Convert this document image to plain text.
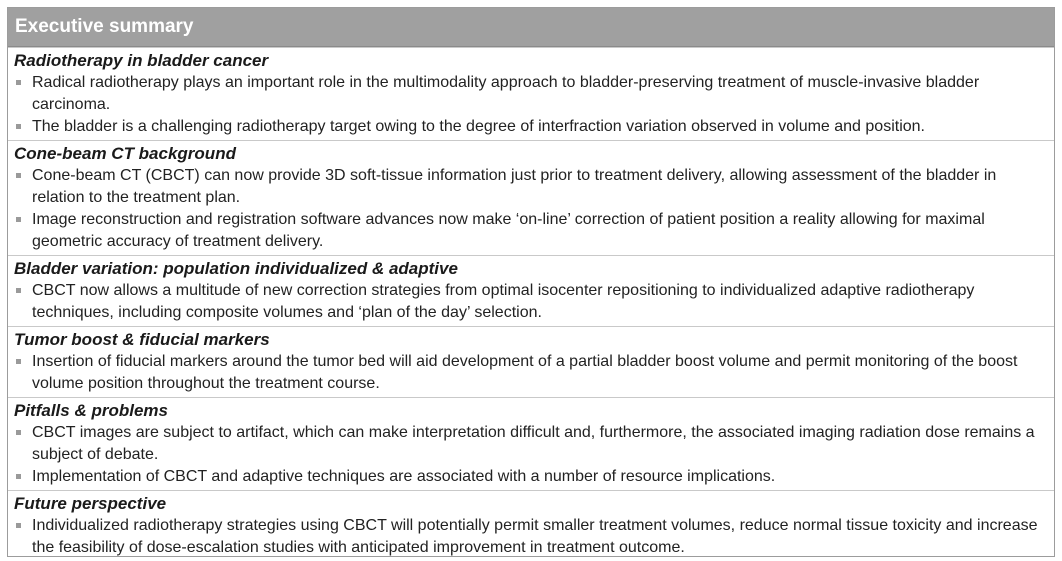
Executive summary
Radiotherapy in bladder cancer
Radical radiotherapy plays an important role in the multimodality approach to bladder-preserving treatment of muscle-invasive bladder carcinoma.
The bladder is a challenging radiotherapy target owing to the degree of interfraction variation observed in volume and position.
Cone-beam CT background
Cone-beam CT (CBCT) can now provide 3D soft-tissue information just prior to treatment delivery, allowing assessment of the bladder in relation to the treatment plan.
Image reconstruction and registration software advances now make ‘on-line’ correction of patient position a reality allowing for maximal geometric accuracy of treatment delivery.
Bladder variation: population individualized & adaptive
CBCT now allows a multitude of new correction strategies from optimal isocenter repositioning to individualized adaptive radiotherapy techniques, including composite volumes and ‘plan of the day’ selection.
Tumor boost & fiducial markers
Insertion of fiducial markers around the tumor bed will aid development of a partial bladder boost volume and permit monitoring of the boost volume position throughout the treatment course.
Pitfalls & problems
CBCT images are subject to artifact, which can make interpretation difficult and, furthermore, the associated imaging radiation dose remains a subject of debate.
Implementation of CBCT and adaptive techniques are associated with a number of resource implications.
Future perspective
Individualized radiotherapy strategies using CBCT will potentially permit smaller treatment volumes, reduce normal tissue toxicity and increase the feasibility of dose-escalation studies with anticipated improvement in treatment outcome.
